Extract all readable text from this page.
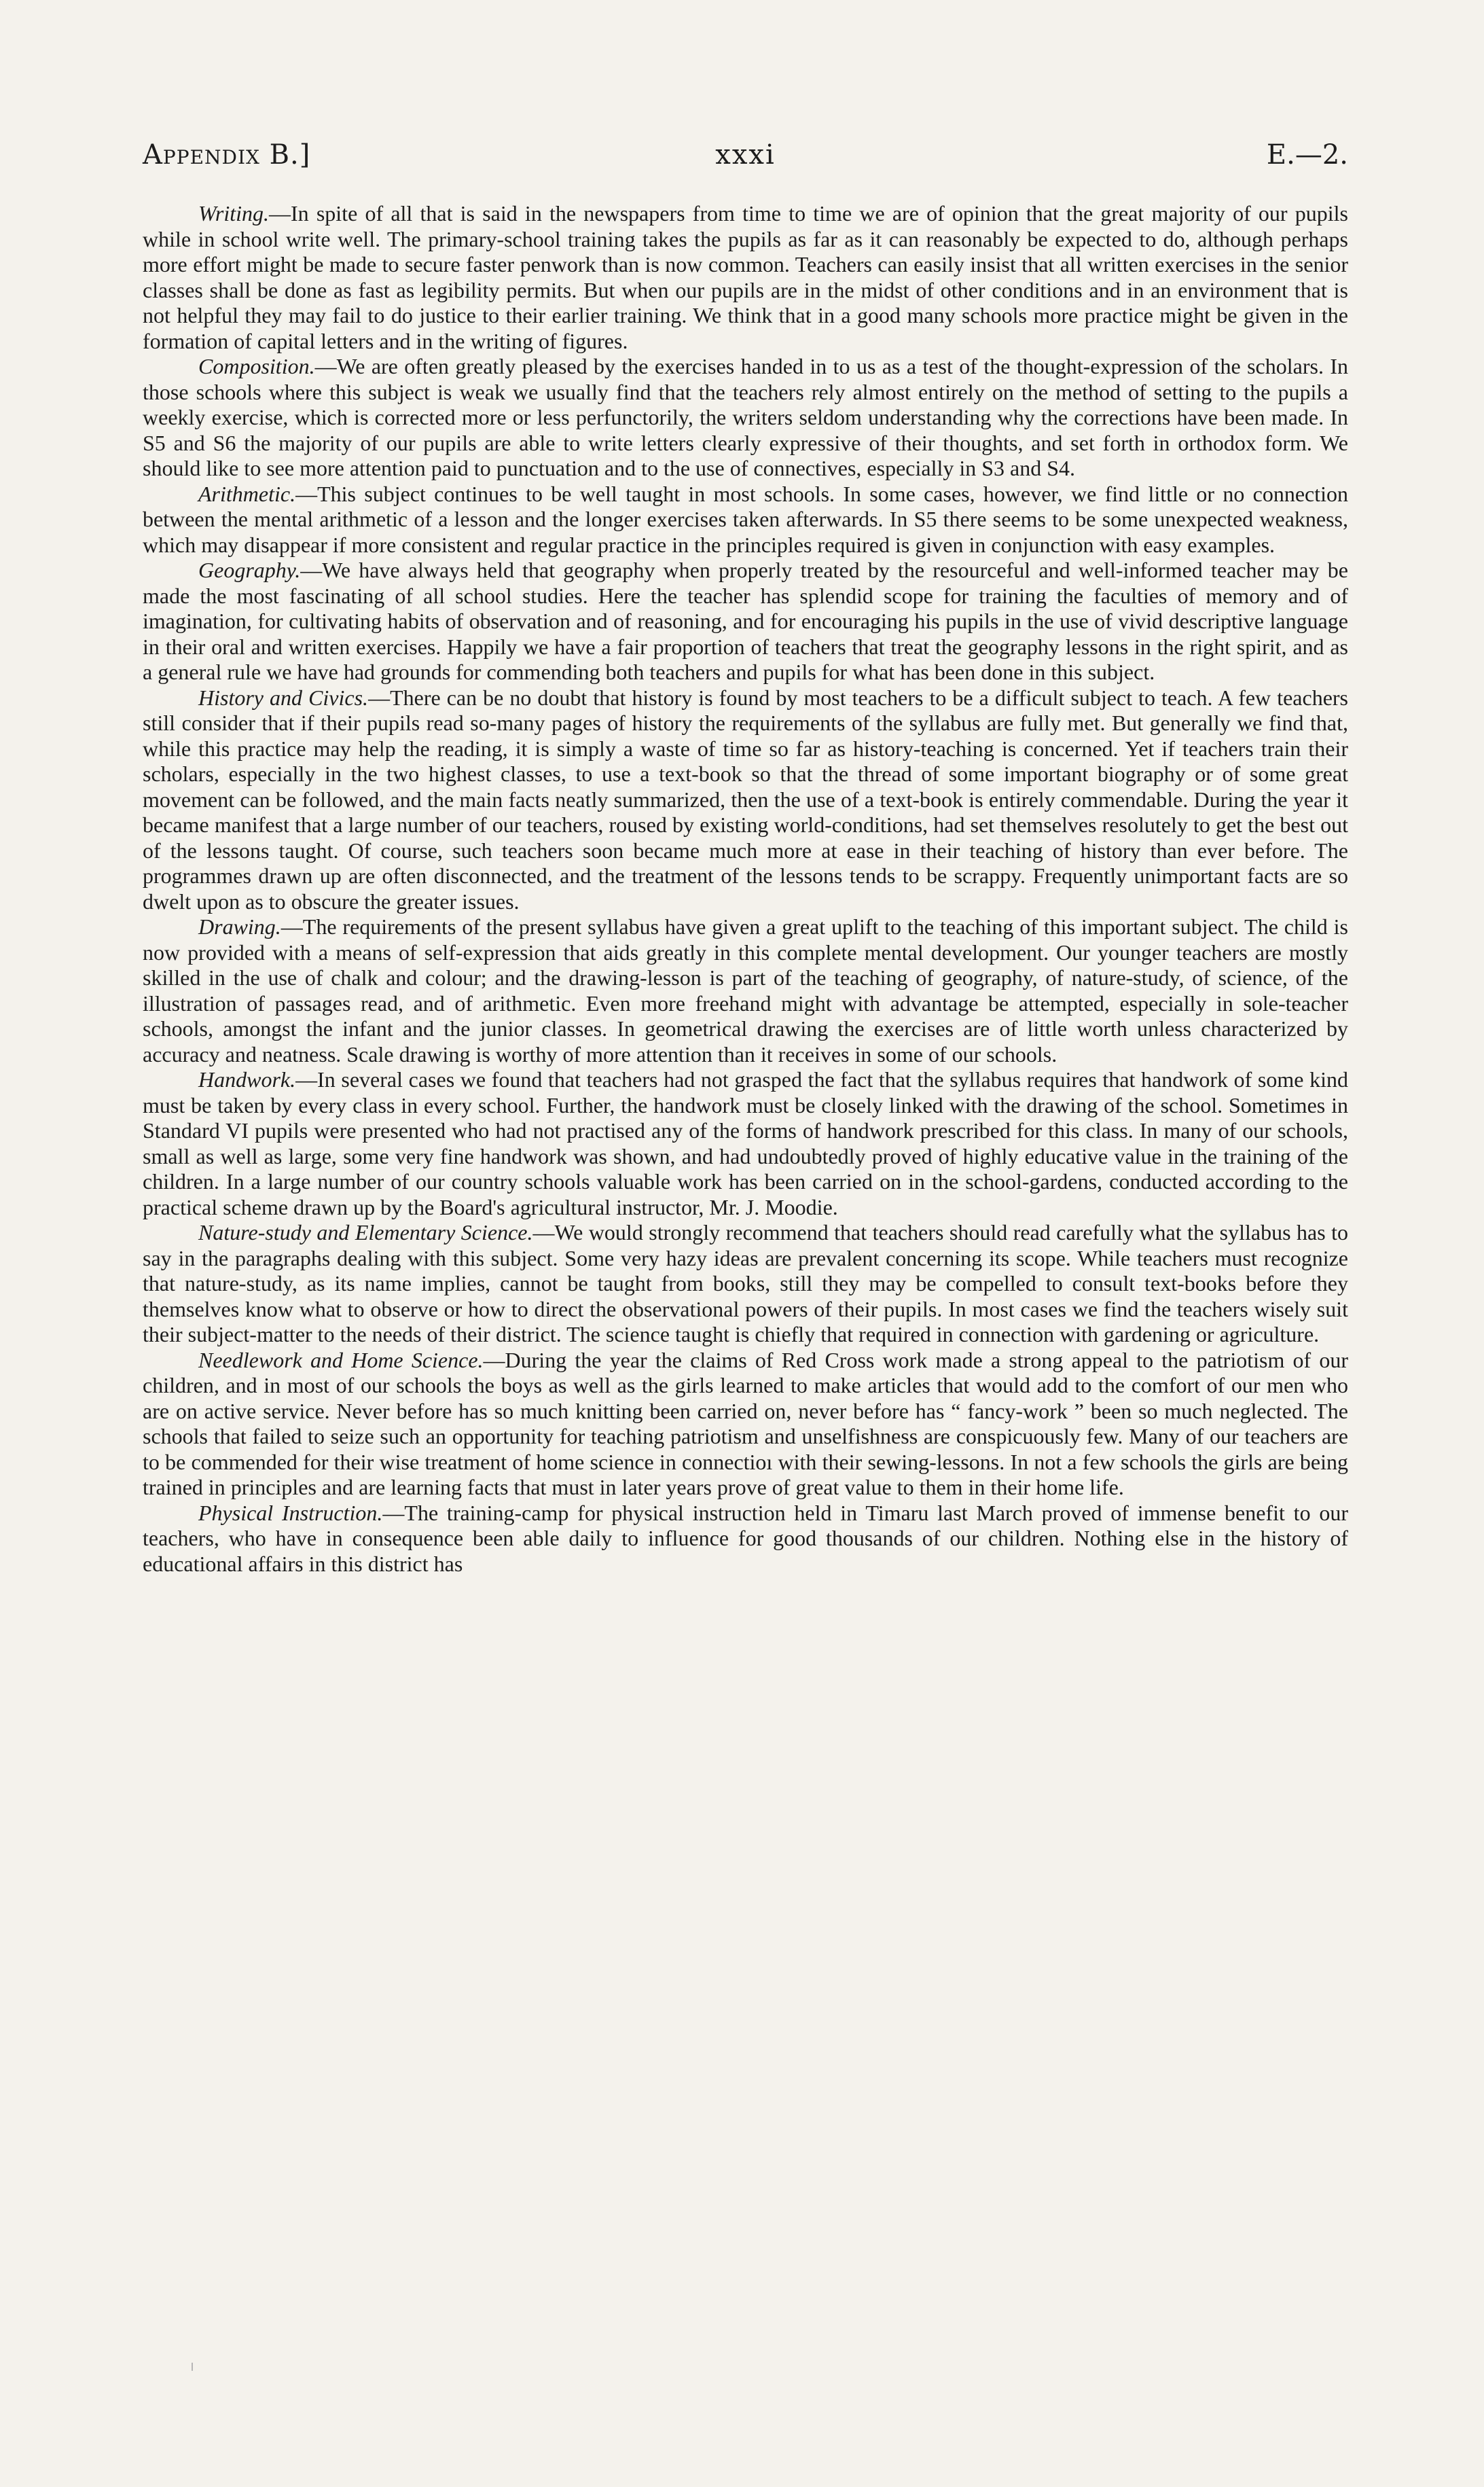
Appendix B.]	xxxi	E.—2.

Writing.—In spite of all that is said in the newspapers from time to time we are of opinion that the great majority of our pupils while in school write well. The primary-school training takes the pupils as far as it can reasonably be expected to do, although perhaps more effort might be made to secure faster penwork than is now common. Teachers can easily insist that all written exercises in the senior classes shall be done as fast as legibility permits. But when our pupils are in the midst of other conditions and in an environment that is not helpful they may fail to do justice to their earlier training. We think that in a good many schools more practice might be given in the formation of capital letters and in the writing of figures.

Composition.—We are often greatly pleased by the exercises handed in to us as a test of the thought-expression of the scholars. In those schools where this subject is weak we usually find that the teachers rely almost entirely on the method of setting to the pupils a weekly exercise, which is corrected more or less perfunctorily, the writers seldom understanding why the corrections have been made. In S5 and S6 the majority of our pupils are able to write letters clearly expressive of their thoughts, and set forth in orthodox form. We should like to see more attention paid to punctuation and to the use of connectives, especially in S3 and S4.

Arithmetic.—This subject continues to be well taught in most schools. In some cases, however, we find little or no connection between the mental arithmetic of a lesson and the longer exercises taken afterwards. In S5 there seems to be some unexpected weakness, which may disappear if more consistent and regular practice in the principles required is given in conjunction with easy examples.

Geography.—We have always held that geography when properly treated by the resourceful and well-informed teacher may be made the most fascinating of all school studies. Here the teacher has splendid scope for training the faculties of memory and of imagination, for cultivating habits of observation and of reasoning, and for encouraging his pupils in the use of vivid descriptive language in their oral and written exercises. Happily we have a fair proportion of teachers that treat the geography lessons in the right spirit, and as a general rule we have had grounds for commending both teachers and pupils for what has been done in this subject.

History and Civics.—There can be no doubt that history is found by most teachers to be a difficult subject to teach. A few teachers still consider that if their pupils read so-many pages of history the requirements of the syllabus are fully met. But generally we find that, while this practice may help the reading, it is simply a waste of time so far as history-teaching is concerned. Yet if teachers train their scholars, especially in the two highest classes, to use a text-book so that the thread of some important biography or of some great movement can be followed, and the main facts neatly summarized, then the use of a text-book is entirely commendable. During the year it became manifest that a large number of our teachers, roused by existing world-conditions, had set themselves resolutely to get the best out of the lessons taught. Of course, such teachers soon became much more at ease in their teaching of history than ever before. The programmes drawn up are often disconnected, and the treatment of the lessons tends to be scrappy. Frequently unimportant facts are so dwelt upon as to obscure the greater issues.

Drawing.—The requirements of the present syllabus have given a great uplift to the teaching of this important subject. The child is now provided with a means of self-expression that aids greatly in this complete mental development. Our younger teachers are mostly skilled in the use of chalk and colour; and the drawing-lesson is part of the teaching of geography, of nature-study, of science, of the illustration of passages read, and of arithmetic. Even more freehand might with advantage be attempted, especially in sole-teacher schools, amongst the infant and the junior classes. In geometrical drawing the exercises are of little worth unless characterized by accuracy and neatness. Scale drawing is worthy of more attention than it receives in some of our schools.

Handwork.—In several cases we found that teachers had not grasped the fact that the syllabus requires that handwork of some kind must be taken by every class in every school. Further, the handwork must be closely linked with the drawing of the school. Sometimes in Standard VI pupils were presented who had not practised any of the forms of handwork prescribed for this class. In many of our schools, small as well as large, some very fine handwork was shown, and had undoubtedly proved of highly educative value in the training of the children. In a large number of our country schools valuable work has been carried on in the school-gardens, conducted according to the practical scheme drawn up by the Board's agricultural instructor, Mr. J. Moodie.

Nature-study and Elementary Science.—We would strongly recommend that teachers should read carefully what the syllabus has to say in the paragraphs dealing with this subject. Some very hazy ideas are prevalent concerning its scope. While teachers must recognize that nature-study, as its name implies, cannot be taught from books, still they may be compelled to consult text-books before they themselves know what to observe or how to direct the observational powers of their pupils. In most cases we find the teachers wisely suit their subject-matter to the needs of their district. The science taught is chiefly that required in connection with gardening or agriculture.

Needlework and Home Science.—During the year the claims of Red Cross work made a strong appeal to the patriotism of our children, and in most of our schools the boys as well as the girls learned to make articles that would add to the comfort of our men who are on active service. Never before has so much knitting been carried on, never before has “ fancy-work ” been so much neglected. The schools that failed to seize such an opportunity for teaching patriotism and unselfishness are conspicuously few. Many of our teachers are to be commended for their wise treatment of home science in connectioı with their sewing-lessons. In not a few schools the girls are being trained in principles and are learning facts that must in later years prove of great value to them in their home life.

Physical Instruction.—The training-camp for physical instruction held in Timaru last March proved of immense benefit to our teachers, who have in consequence been able daily to influence for good thousands of our children. Nothing else in the history of educational affairs in this district has
